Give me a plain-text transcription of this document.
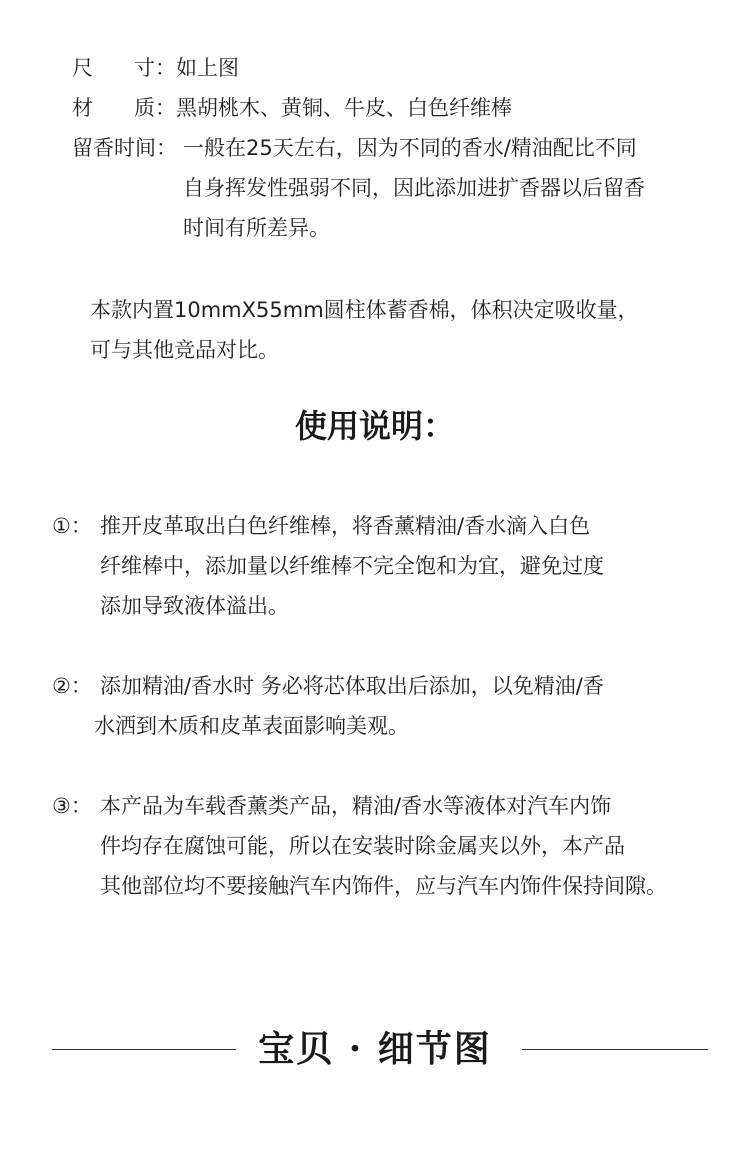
尺 寸：如上图
材 质：黑胡桃木、黄铜、牛皮、白色纤维棒
留香时间： 一般在25天左右，因为不同的香水/精油配比不同
自身挥发性强弱不同，因此添加进扩香器以后留香
时间有所差异。
本款内置10mmX55mm圆柱体蓄香棉，体积决定吸收量，
可与其他竞品对比。
使用说明：
①： 推开皮革取出白色纤维棒，将香薰精油/香水滴入白色
纤维棒中，添加量以纤维棒不完全饱和为宜，避免过度
添加导致液体溢出。
②： 添加精油/香水时 务必将芯体取出后添加，以免精油/香
水洒到木质和皮革表面影响美观。
③： 本产品为车载香薰类产品，精油/香水等液体对汽车内饰
件均存在腐蚀可能，所以在安装时除金属夹以外，本产品
其他部位均不要接触汽车内饰件，应与汽车内饰件保持间隙。
宝贝 · 细节图
